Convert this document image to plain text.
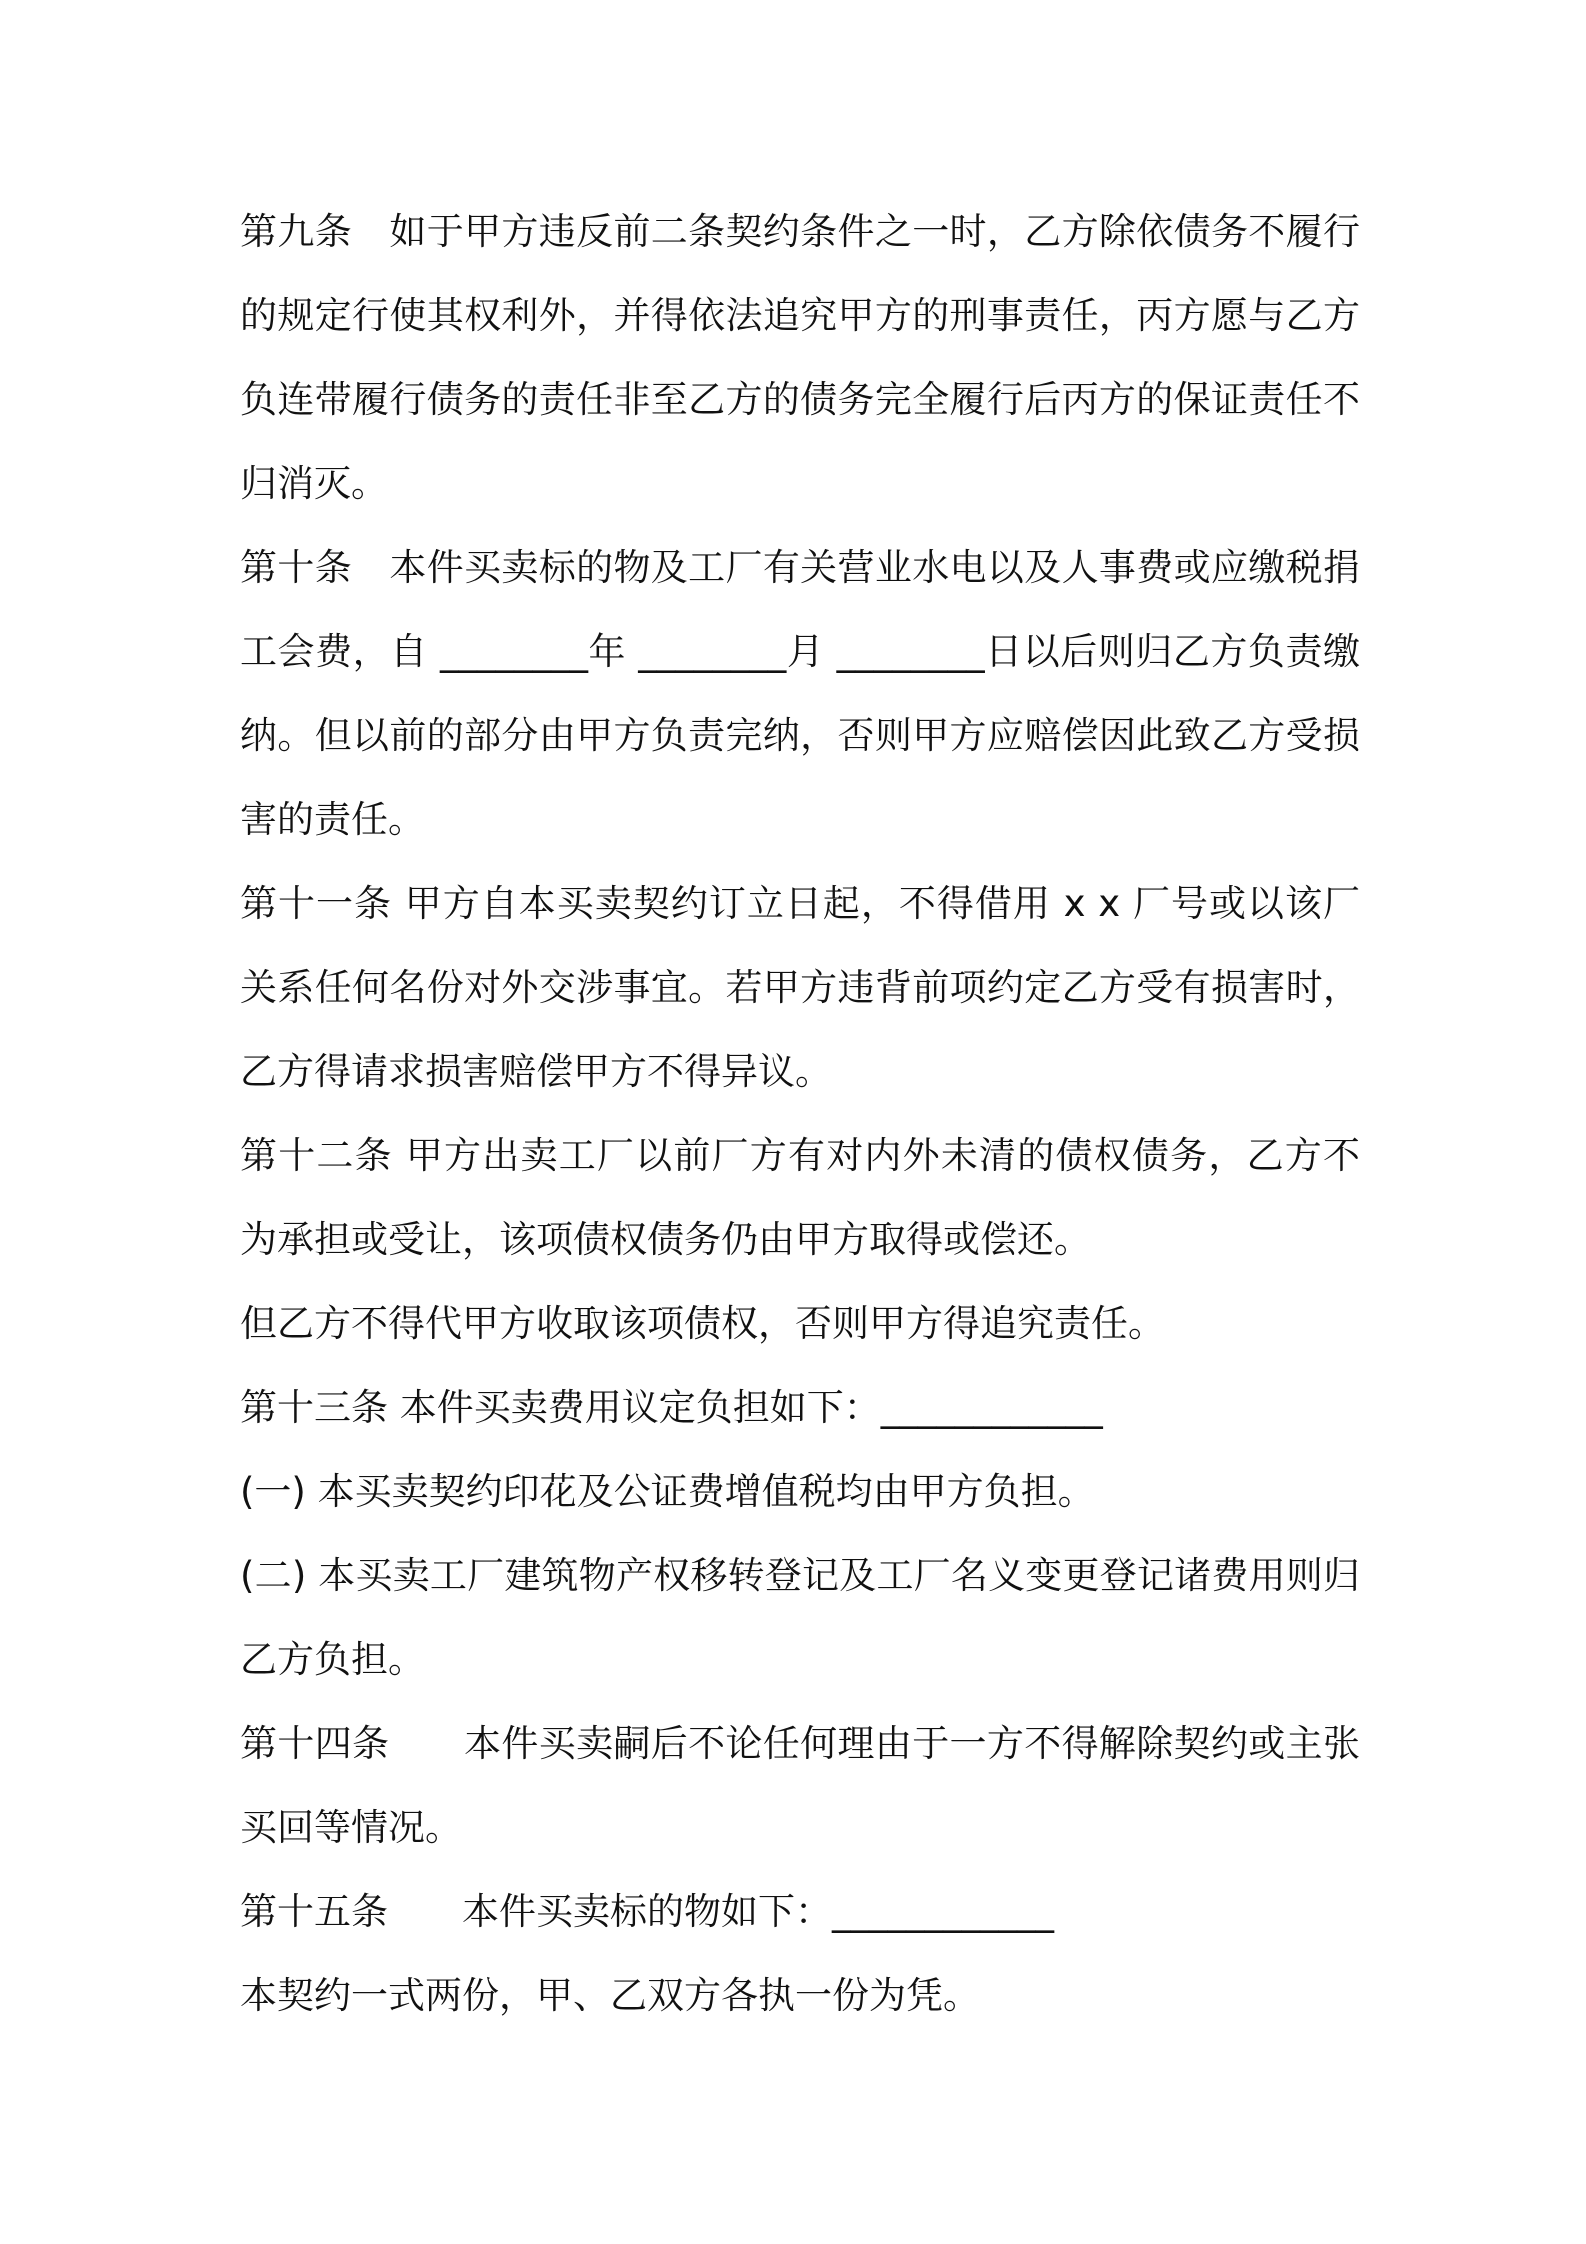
第九条　如于甲方违反前二条契约条件之一时，乙方除依债务不履行的规定行使其权利外，并得依法追究甲方的刑事责任，丙方愿与乙方负连带履行债务的责任非至乙方的债务完全履行后丙方的保证责任不归消灭。

第十条　本件买卖标的物及工厂有关营业水电以及人事费或应缴税捐工会费，自 ________年 ________月 ________日以后则归乙方负责缴纳。但以前的部分由甲方负责完纳，否则甲方应赔偿因此致乙方受损害的责任。

第十一条 甲方自本买卖契约订立日起，不得借用 x x 厂号或以该厂关系任何名份对外交涉事宜。若甲方违背前项约定乙方受有损害时，乙方得请求损害赔偿甲方不得异议。

第十二条 甲方出卖工厂以前厂方有对内外未清的债权债务，乙方不为承担或受让，该项债权债务仍由甲方取得或偿还。

但乙方不得代甲方收取该项债权，否则甲方得追究责任。

第十三条 本件买卖费用议定负担如下：____________

(一) 本买卖契约印花及公证费增值税均由甲方负担。

(二) 本买卖工厂建筑物产权移转登记及工厂名义变更登记诸费用则归乙方负担。

第十四条　　本件买卖嗣后不论任何理由于一方不得解除契约或主张买回等情况。

第十五条　　本件买卖标的物如下：____________

本契约一式两份，甲、乙双方各执一份为凭。
